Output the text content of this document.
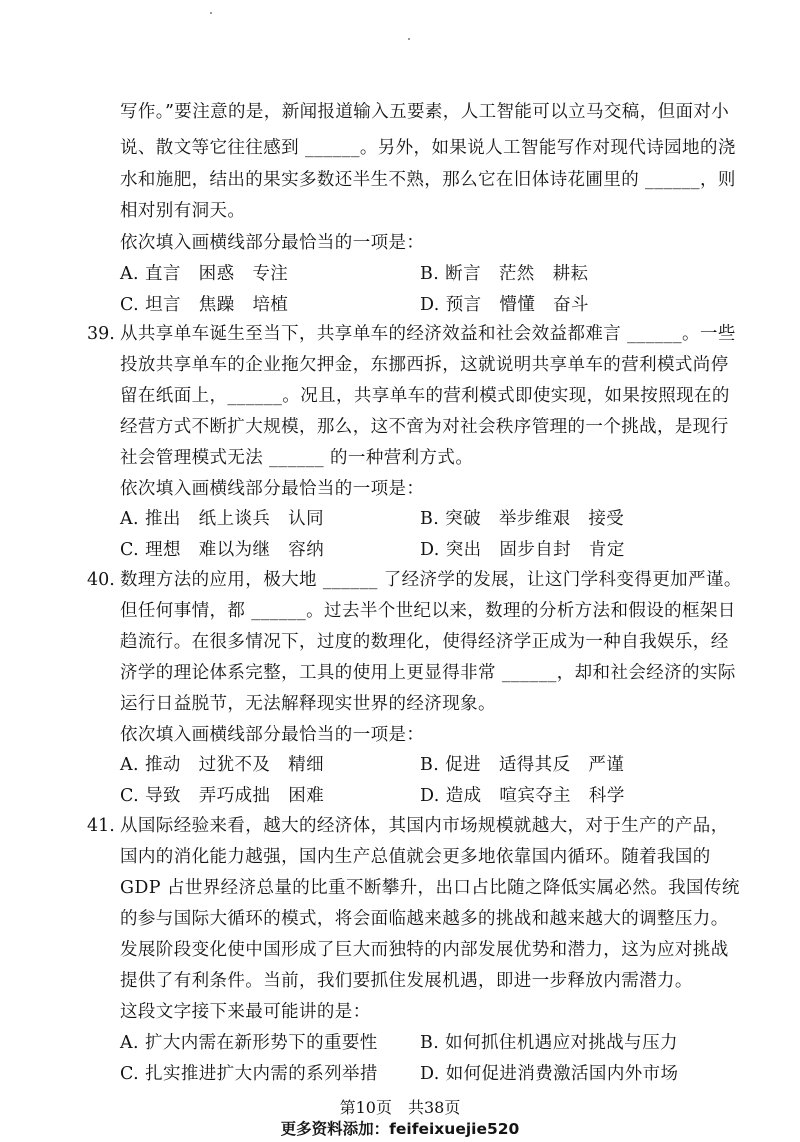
写作。”要注意的是，新闻报道输入五要素，人工智能可以立马交稿，但面对小
说、散文等它往往感到 ______。另外，如果说人工智能写作对现代诗园地的浇
水和施肥，结出的果实多数还半生不熟，那么它在旧体诗花圃里的 ______，则
相对别有洞天。
依次填入画横线部分最恰当的一项是：
A. 直言　困惑　专注	B. 断言　茫然　耕耘
C. 坦言　焦躁　培植	D. 预言　懵懂　奋斗
39. 从共享单车诞生至当下，共享单车的经济效益和社会效益都难言 ______。一些
投放共享单车的企业拖欠押金，东挪西拆，这就说明共享单车的营利模式尚停
留在纸面上，______。况且，共享单车的营利模式即使实现，如果按照现在的
经营方式不断扩大规模，那么，这不啻为对社会秩序管理的一个挑战，是现行
社会管理模式无法 ______ 的一种营利方式。
依次填入画横线部分最恰当的一项是：
A. 推出　纸上谈兵　认同	B. 突破　举步维艰　接受
C. 理想　难以为继　容纳	D. 突出　固步自封　肯定
40. 数理方法的应用，极大地 ______ 了经济学的发展，让这门学科变得更加严谨。
但任何事情，都 ______。过去半个世纪以来，数理的分析方法和假设的框架日
趋流行。在很多情况下，过度的数理化，使得经济学正成为一种自我娱乐，经
济学的理论体系完整，工具的使用上更显得非常 ______，却和社会经济的实际
运行日益脱节，无法解释现实世界的经济现象。
依次填入画横线部分最恰当的一项是：
A. 推动　过犹不及　精细	B. 促进　适得其反　严谨
C. 导致　弄巧成拙　困难	D. 造成　喧宾夺主　科学
41. 从国际经验来看，越大的经济体，其国内市场规模就越大，对于生产的产品，
国内的消化能力越强，国内生产总值就会更多地依靠国内循环。随着我国的
GDP 占世界经济总量的比重不断攀升，出口占比随之降低实属必然。我国传统
的参与国际大循环的模式，将会面临越来越多的挑战和越来越大的调整压力。
发展阶段变化使中国形成了巨大而独特的内部发展优势和潜力，这为应对挑战
提供了有利条件。当前，我们要抓住发展机遇，即进一步释放内需潜力。
这段文字接下来最可能讲的是：
A. 扩大内需在新形势下的重要性 B. 如何抓住机遇应对挑战与压力
C. 扎实推进扩大内需的系列举措 D. 如何促进消费激活国内外市场
第10页　共38页
更多资料添加：feifeixuejie520
